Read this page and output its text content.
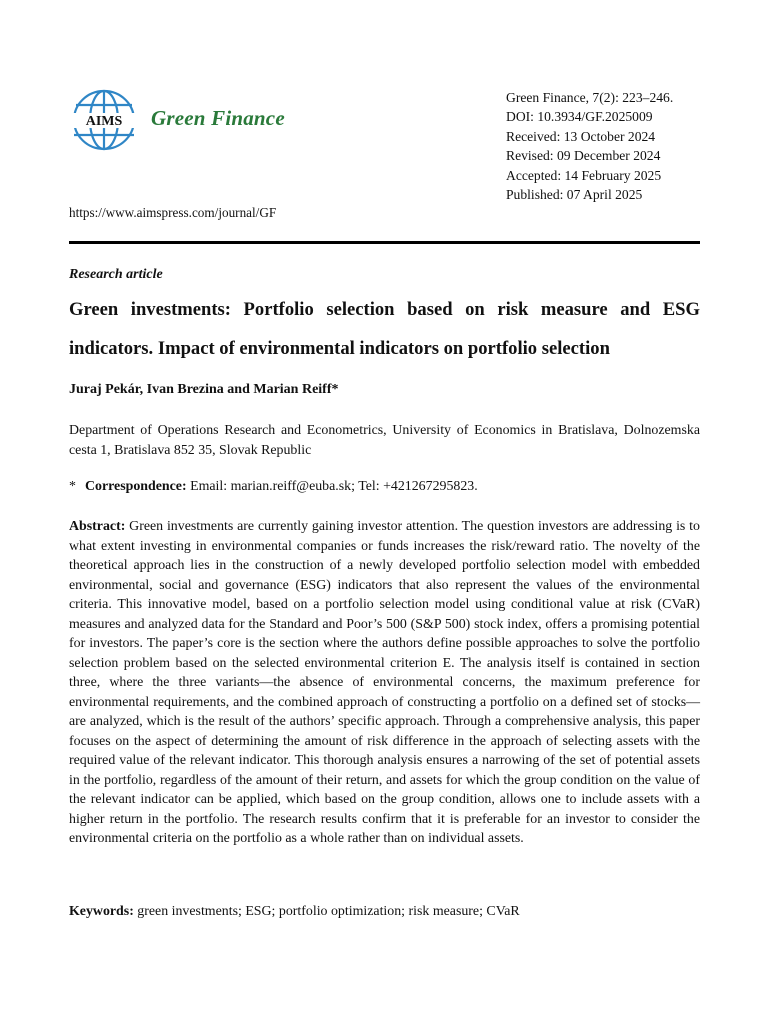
AIMS Green Finance
Green Finance, 7(2): 223–246.
DOI: 10.3934/GF.2025009
Received: 13 October 2024
Revised: 09 December 2024
Accepted: 14 February 2025
Published: 07 April 2025
https://www.aimspress.com/journal/GF
Research article
Green investments: Portfolio selection based on risk measure and ESG indicators. Impact of environmental indicators on portfolio selection
Juraj Pekár, Ivan Brezina and Marian Reiff*
Department of Operations Research and Econometrics, University of Economics in Bratislava, Dolnozemska cesta 1, Bratislava 852 35, Slovak Republic
* Correspondence: Email: marian.reiff@euba.sk; Tel: +421267295823.
Abstract: Green investments are currently gaining investor attention. The question investors are addressing is to what extent investing in environmental companies or funds increases the risk/reward ratio. The novelty of the theoretical approach lies in the construction of a newly developed portfolio selection model with embedded environmental, social and governance (ESG) indicators that also represent the values of the environmental criteria. This innovative model, based on a portfolio selection model using conditional value at risk (CVaR) measures and analyzed data for the Standard and Poor’s 500 (S&P 500) stock index, offers a promising potential for investors. The paper’s core is the section where the authors define possible approaches to solve the portfolio selection problem based on the selected environmental criterion E. The analysis itself is contained in section three, where the three variants—the absence of environmental concerns, the maximum preference for environmental requirements, and the combined approach of constructing a portfolio on a defined set of stocks—are analyzed, which is the result of the authors’ specific approach. Through a comprehensive analysis, this paper focuses on the aspect of determining the amount of risk difference in the approach of selecting assets with the required value of the relevant indicator. This thorough analysis ensures a narrowing of the set of potential assets in the portfolio, regardless of the amount of their return, and assets for which the group condition on the value of the relevant indicator can be applied, which based on the group condition, allows one to include assets with a higher return in the portfolio. The research results confirm that it is preferable for an investor to consider the environmental criteria on the portfolio as a whole rather than on individual assets.
Keywords: green investments; ESG; portfolio optimization; risk measure; CVaR
